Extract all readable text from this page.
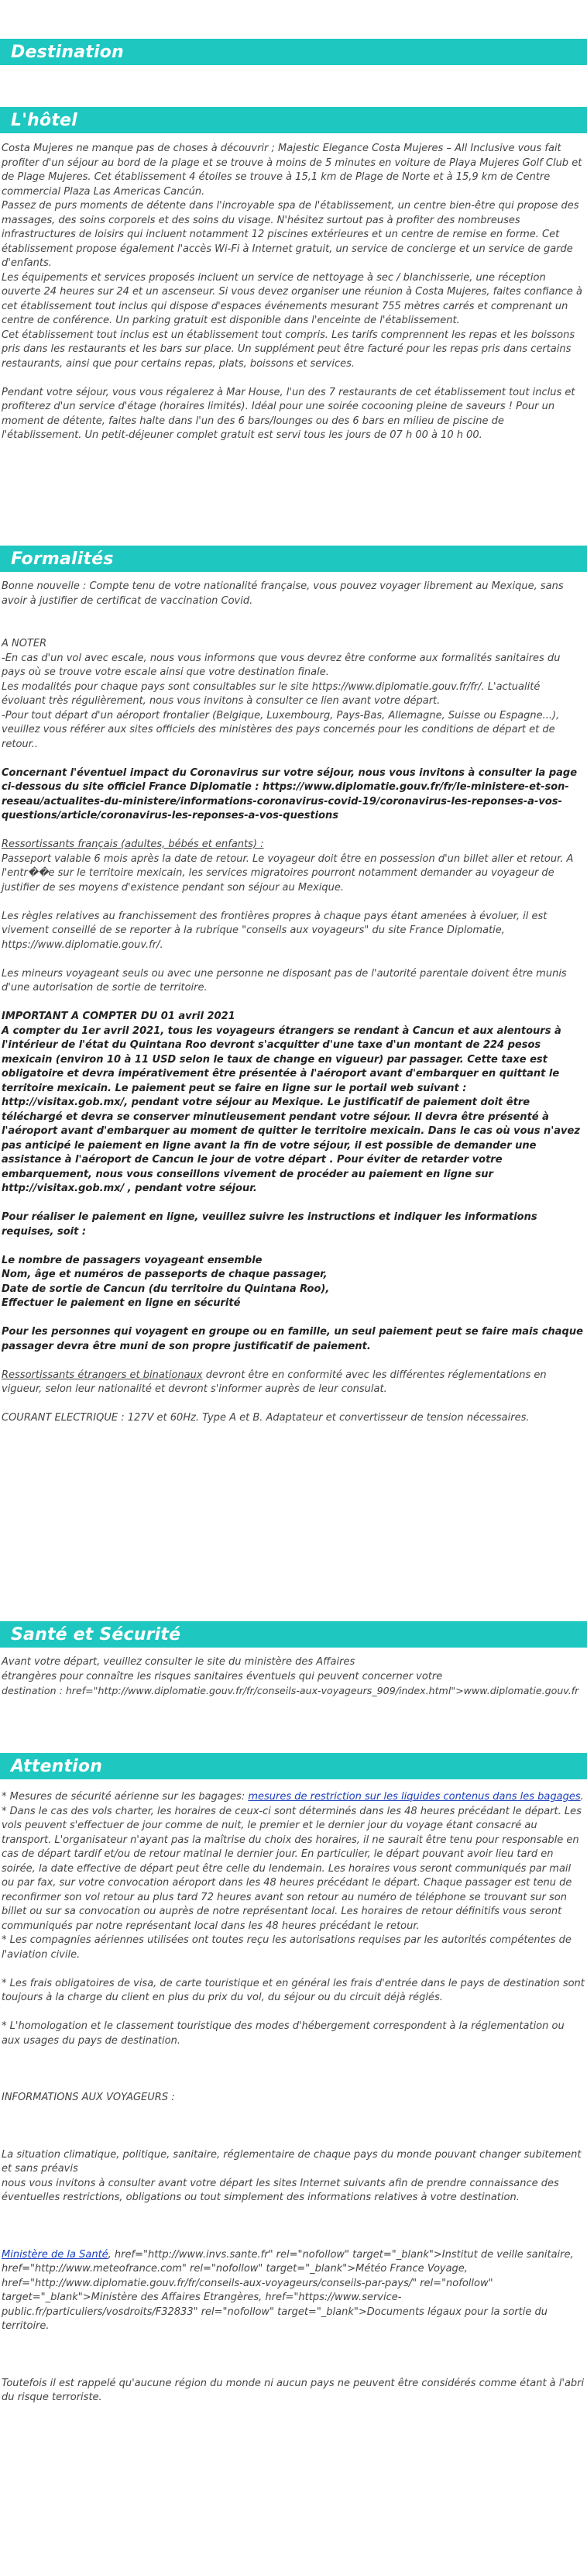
Destination
L'hôtel

Costa Mujeres ne manque pas de choses à découvrir ; Majestic Elegance Costa Mujeres – All Inclusive vous fait profiter d'un séjour au bord de la plage et se trouve à moins de 5 minutes en voiture de Playa Mujeres Golf Club et de Plage Mujeres. Cet établissement 4 étoiles se trouve à 15,1 km de Plage de Norte et à 15,9 km de Centre commercial Plaza Las Americas Cancún.

Passez de purs moments de détente dans l'incroyable spa de l'établissement, un centre bien-être qui propose des massages, des soins corporels et des soins du visage. N'hésitez surtout pas à profiter des nombreuses infrastructures de loisirs qui incluent notamment 12 piscines extérieures et un centre de remise en forme. Cet établissement propose également l'accès Wi-Fi à Internet gratuit, un service de concierge et un service de garde d'enfants.

Les équipements et services proposés incluent un service de nettoyage à sec / blanchisserie, une réception ouverte 24 heures sur 24 et un ascenseur. Si vous devez organiser une réunion à Costa Mujeres, faites confiance à cet établissement tout inclus qui dispose d'espaces événements mesurant 755 mètres carrés et comprenant un centre de conférence. Un parking gratuit est disponible dans l'enceinte de l'établissement.

Cet établissement tout inclus est un établissement tout compris. Les tarifs comprennent les repas et les boissons pris dans les restaurants et les bars sur place. Un supplément peut être facturé pour les repas pris dans certains restaurants, ainsi que pour certains repas, plats, boissons et services.

Pendant votre séjour, vous vous régalerez à Mar House, l'un des 7 restaurants de cet établissement tout inclus et profiterez d'un service d'étage (horaires limités). Idéal pour une soirée cocooning pleine de saveurs ! Pour un moment de détente, faites halte dans l'un des 6 bars/lounges ou des 6 bars en milieu de piscine de l'établissement. Un petit-déjeuner complet gratuit est servi tous les jours de 07 h 00 à 10 h 00.

Formalités

Bonne nouvelle : Compte tenu de votre nationalité française, vous pouvez voyager librement au Mexique, sans avoir à justifier de certificat de vaccination Covid.

A NOTER

-En cas d'un vol avec escale, nous vous informons que vous devrez être conforme aux formalités sanitaires du pays où se trouve votre escale ainsi que votre destination finale.

Les modalités pour chaque pays sont consultables sur le site https://www.diplomatie.gouv.fr/fr/. L'actualité évoluant très régulièrement, nous vous invitons à consulter ce lien avant votre départ.

-Pour tout départ d'un aéroport frontalier (Belgique, Luxembourg, Pays-Bas, Allemagne, Suisse ou Espagne...), veuillez vous référer aux sites officiels des ministères des pays concernés pour les conditions de départ et de retour..

Concernant l'éventuel impact du Coronavirus sur votre séjour, nous vous invitons à consulter la page ci-dessous du site officiel France Diplomatie : https://www.diplomatie.gouv.fr/fr/le-ministere-et-son-reseau/actualites-du-ministere/informations-coronavirus-covid-19/coronavirus-les-reponses-a-vos-questions/article/coronavirus-les-reponses-a-vos-questions

Ressortissants français (adultes, bébés et enfants) :

Passeport valable 6 mois après la date de retour. Le voyageur doit être en possession d'un billet aller et retour. A l'entr��e sur le territoire mexicain, les services migratoires pourront notamment demander au voyageur de justifier de ses moyens d'existence pendant son séjour au Mexique.

Les règles relatives au franchissement des frontières propres à chaque pays étant amenées à évoluer, il est vivement conseillé de se reporter à la rubrique "conseils aux voyageurs" du site France Diplomatie, https://www.diplomatie.gouv.fr/.

Les mineurs voyageant seuls ou avec une personne ne disposant pas de l'autorité parentale doivent être munis d'une autorisation de sortie de territoire.

IMPORTANT A COMPTER DU 01 avril 2021

A compter du 1er avril 2021, tous les voyageurs étrangers se rendant à Cancun et aux alentours à l'intérieur de l'état du Quintana Roo devront s'acquitter d'une taxe d'un montant de 224 pesos mexicain (environ 10 à 11 USD selon le taux de change en vigueur) par passager. Cette taxe est obligatoire et devra impérativement être présentée à l'aéroport avant d'embarquer en quittant le territoire mexicain. Le paiement peut se faire en ligne sur le portail web suivant : http://visitax.gob.mx/, pendant votre séjour au Mexique. Le justificatif de paiement doit être téléchargé et devra se conserver minutieusement pendant votre séjour. Il devra être présenté à l'aéroport avant d'embarquer au moment de quitter le territoire mexicain. Dans le cas où vous n'avez pas anticipé le paiement en ligne avant la fin de votre séjour, il est possible de demander une assistance à l'aéroport de Cancun le jour de votre départ . Pour éviter de retarder votre embarquement, nous vous conseillons vivement de procéder au paiement en ligne sur http://visitax.gob.mx/ , pendant votre séjour.

Pour réaliser le paiement en ligne, veuillez suivre les instructions et indiquer les informations requises, soit :

Le nombre de passagers voyageant ensemble

Nom, âge et numéros de passeports de chaque passager,

Date de sortie de Cancun (du territoire du Quintana Roo),

Effectuer le paiement en ligne en sécurité

Pour les personnes qui voyagent en groupe ou en famille, un seul paiement peut se faire mais chaque passager devra être muni de son propre justificatif de paiement.

Ressortissants étrangers et binationaux devront être en conformité avec les différentes réglementations en vigueur, selon leur nationalité et devront s'informer auprès de leur consulat.

COURANT ELECTRIQUE : 127V et 60Hz. Type A et B. Adaptateur et convertisseur de tension nécessaires.

Santé et Sécurité

Avant votre départ, veuillez consulter le site du ministère des Affaires

étrangères pour connaître les risques sanitaires éventuels qui peuvent concerner votre

destination : href="http://www.diplomatie.gouv.fr/fr/conseils-aux-voyageurs_909/index.html">www.diplomatie.gouv.fr

Attention

* Mesures de sécurité aérienne sur les bagages: mesures de restriction sur les liquides contenus dans les bagages.

* Dans le cas des vols charter, les horaires de ceux-ci sont déterminés dans les 48 heures précédant le départ. Les vols peuvent s'effectuer de jour comme de nuit, le premier et le dernier jour du voyage étant consacré au transport. L'organisateur n'ayant pas la maîtrise du choix des horaires, il ne saurait être tenu pour responsable en cas de départ tardif et/ou de retour matinal le dernier jour. En particulier, le départ pouvant avoir lieu tard en soirée, la date effective de départ peut être celle du lendemain. Les horaires vous seront communiqués par mail ou par fax, sur votre convocation aéroport dans les 48 heures précédant le départ. Chaque passager est tenu de reconfirmer son vol retour au plus tard 72 heures avant son retour au numéro de téléphone se trouvant sur son billet ou sur sa convocation ou auprès de notre représentant local. Les horaires de retour définitifs vous seront communiqués par notre représentant local dans les 48 heures précédant le retour.

* Les compagnies aériennes utilisées ont toutes reçu les autorisations requises par les autorités compétentes de l'aviation civile.

* Les frais obligatoires de visa, de carte touristique et en général les frais d'entrée dans le pays de destination sont toujours à la charge du client en plus du prix du vol, du séjour ou du circuit déjà réglés.

* L'homologation et le classement touristique des modes d'hébergement correspondent à la réglementation ou aux usages du pays de destination.

INFORMATIONS AUX VOYAGEURS :

La situation climatique, politique, sanitaire, réglementaire de chaque pays du monde pouvant changer subitement et sans préavis

nous vous invitons à consulter avant votre départ les sites Internet suivants afin de prendre connaissance des éventuelles restrictions, obligations ou tout simplement des informations relatives à votre destination.

Ministère de la Santé, href="http://www.invs.sante.fr" rel="nofollow" target="_blank">Institut de veille sanitaire, href="http://www.meteofrance.com" rel="nofollow" target="_blank">Météo France Voyage, href="http://www.diplomatie.gouv.fr/fr/conseils-aux-voyageurs/conseils-par-pays/" rel="nofollow" target="_blank">Ministère des Affaires Etrangères, href="https://www.service-public.fr/particuliers/vosdroits/F32833" rel="nofollow" target="_blank">Documents légaux pour la sortie du territoire.

Toutefois il est rappelé qu'aucune région du monde ni aucun pays ne peuvent être considérés comme étant à l'abri du risque terroriste.
